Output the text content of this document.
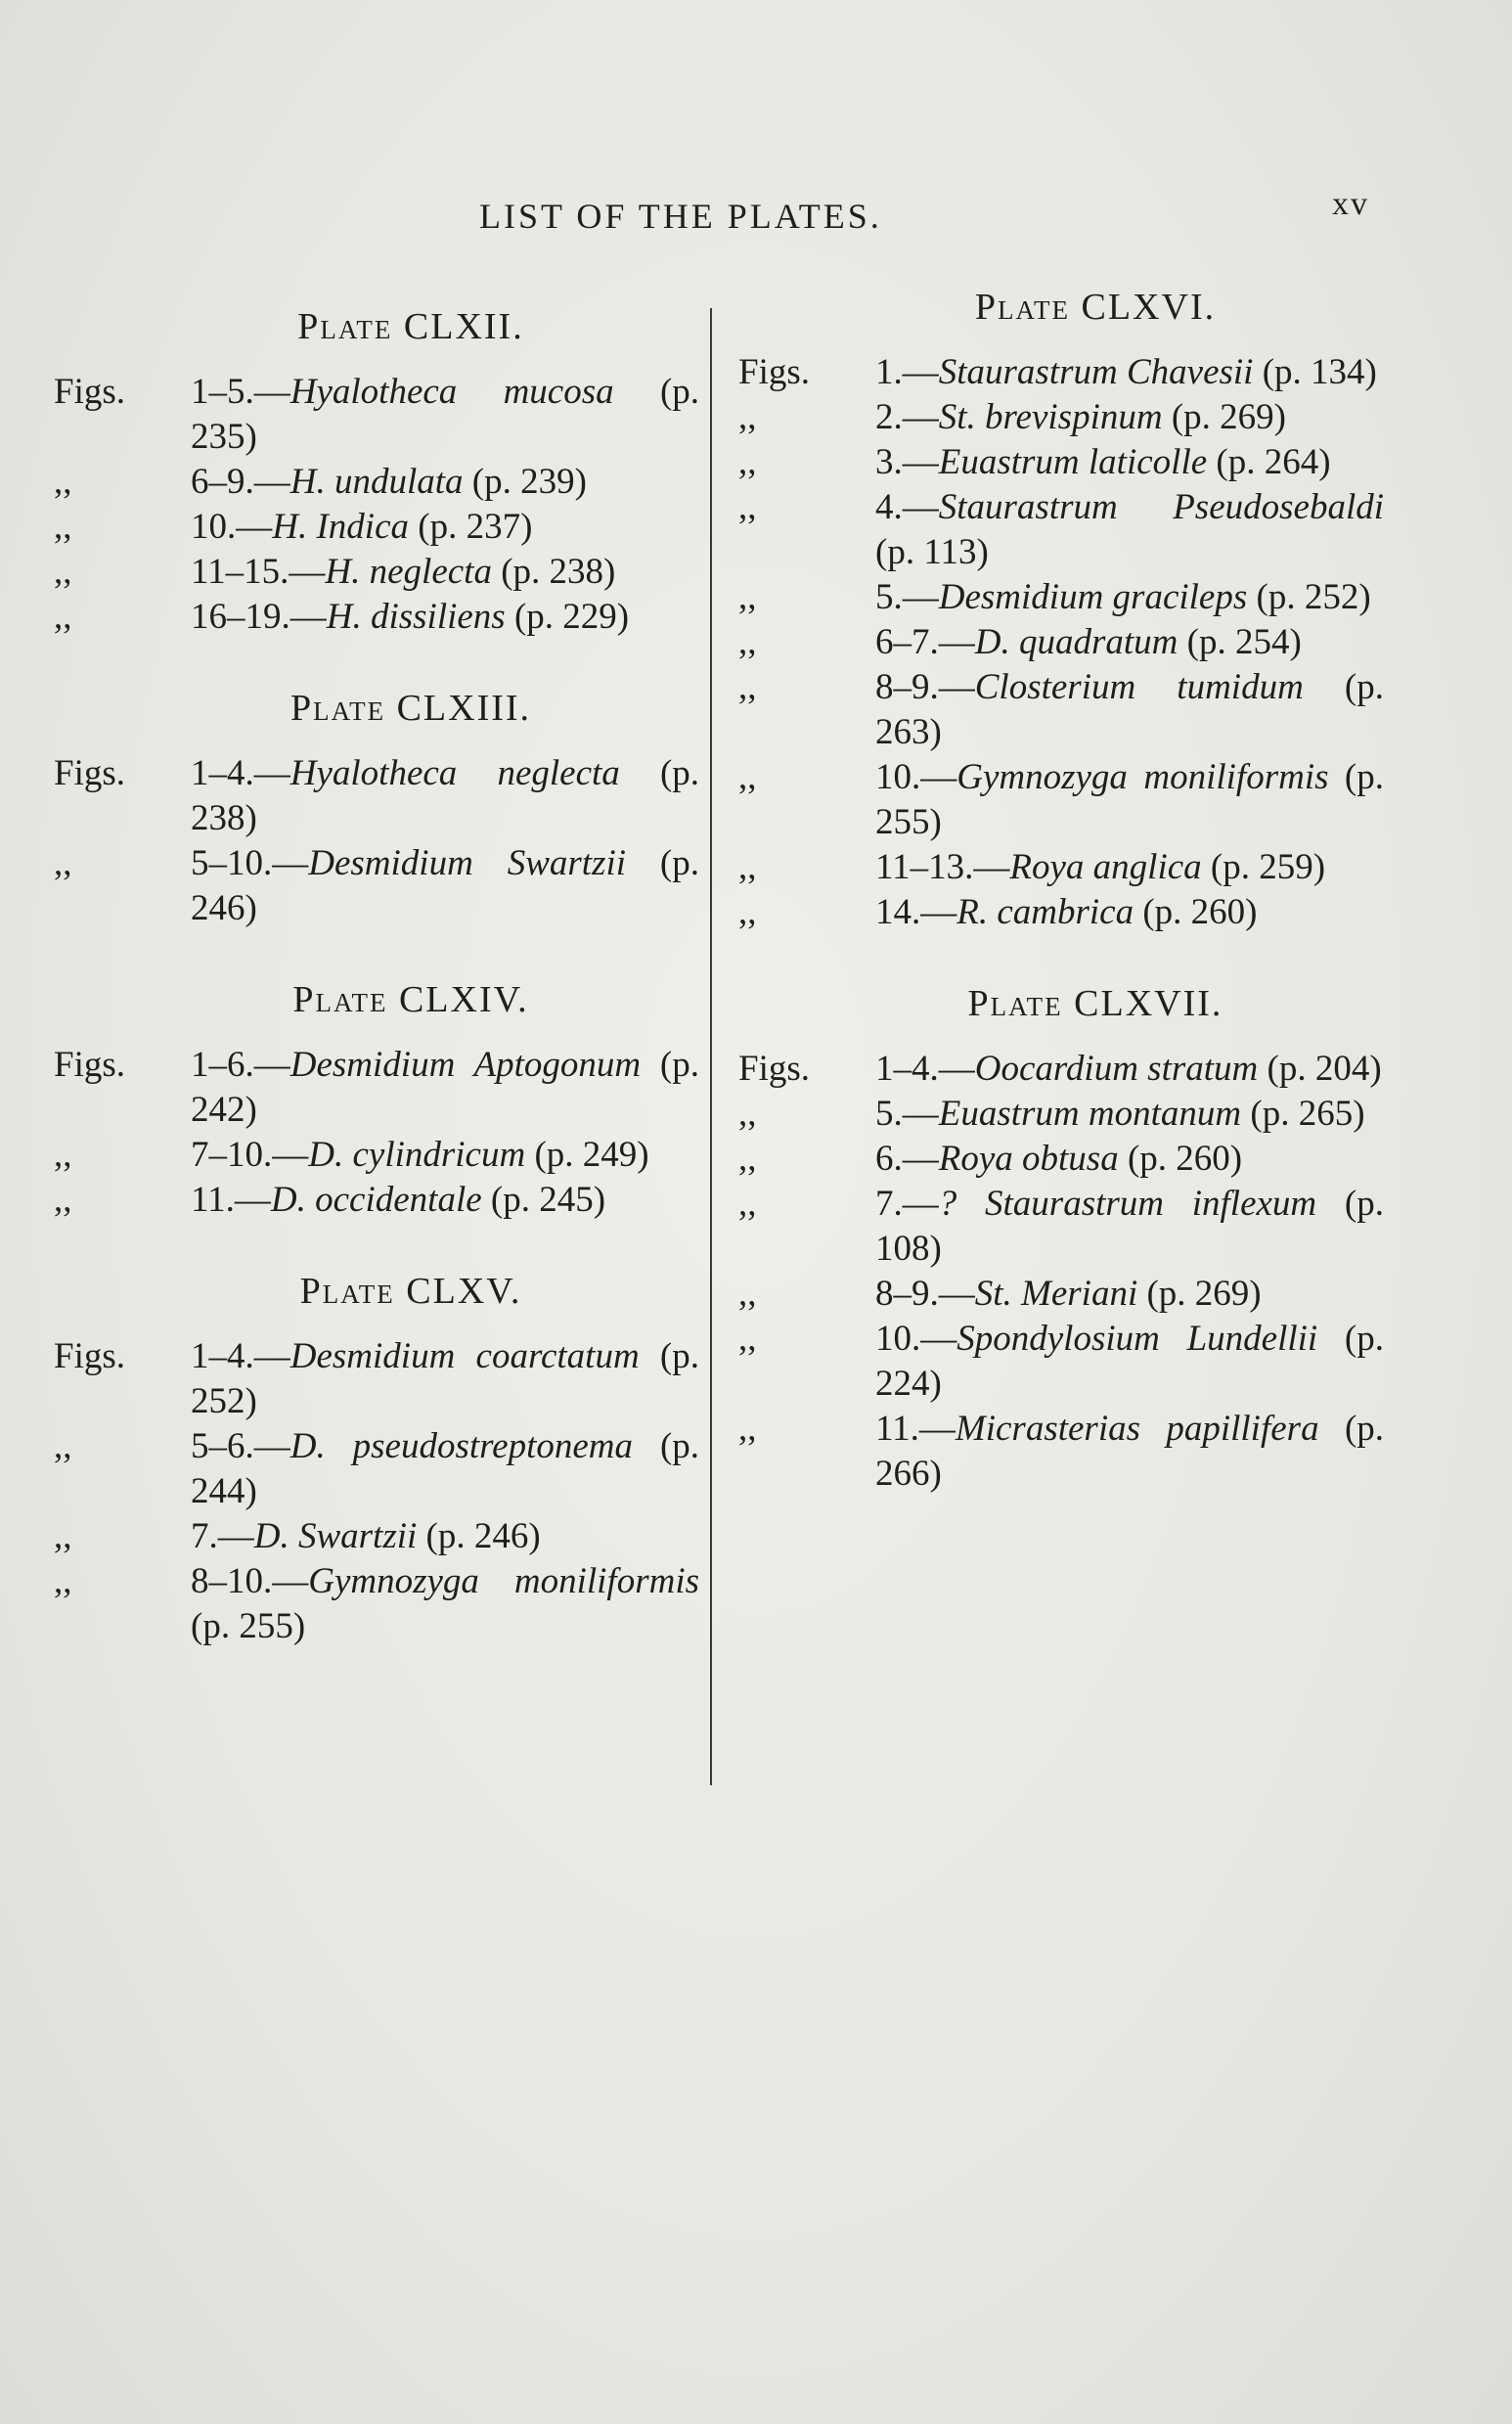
LIST OF THE PLATES.	xv
Plate CLXII.
Figs.	1–5.—Hyalotheca mucosa (p. 235)
,,	6–9.—H. undulata (p. 239)
,,	10.—H. Indica (p. 237)
,,	11–15.—H. neglecta (p. 238)
,,	16–19.—H. dissiliens (p. 229)
Plate CLXIII.
Figs.	1–4.—Hyalotheca neglecta (p. 238)
,,	5–10.—Desmidium Swartzii (p. 246)
Plate CLXIV.
Figs.	1–6.—Desmidium Aptogonum (p. 242)
,,	7–10.—D. cylindricum (p. 249)
,,	11.—D. occidentale (p. 245)
Plate CLXV.
Figs.	1–4.—Desmidium coarctatum (p. 252)
,,	5–6.—D. pseudostreptonema (p. 244)
,,	7.—D. Swartzii (p. 246)
,,	8–10.—Gymnozyga moniliformis (p. 255)
Plate CLXVI.
Figs.	1.—Staurastrum Chavesii (p. 134)
,,	2.—St. brevispinum (p. 269)
,,	3.—Euastrum laticolle (p. 264)
,,	4.—Staurastrum Pseudosebaldi (p. 113)
,,	5.—Desmidium gracileps (p. 252)
,,	6–7.—D. quadratum (p. 254)
,,	8–9.—Closterium tumidum (p. 263)
,,	10.—Gymnozyga moniliformis (p. 255)
,,	11–13.—Roya anglica (p. 259)
,,	14.—R. cambrica (p. 260)
Plate CLXVII.
Figs.	1–4.—Oocardium stratum (p. 204)
,,	5.—Euastrum montanum (p. 265)
,,	6.—Roya obtusa (p. 260)
,,	7.—? Staurastrum inflexum (p. 108)
,,	8–9.—St. Meriani (p. 269)
,,	10.—Spondylosium Lundellii (p. 224)
,,	11.—Micrasterias papillifera (p. 266)
